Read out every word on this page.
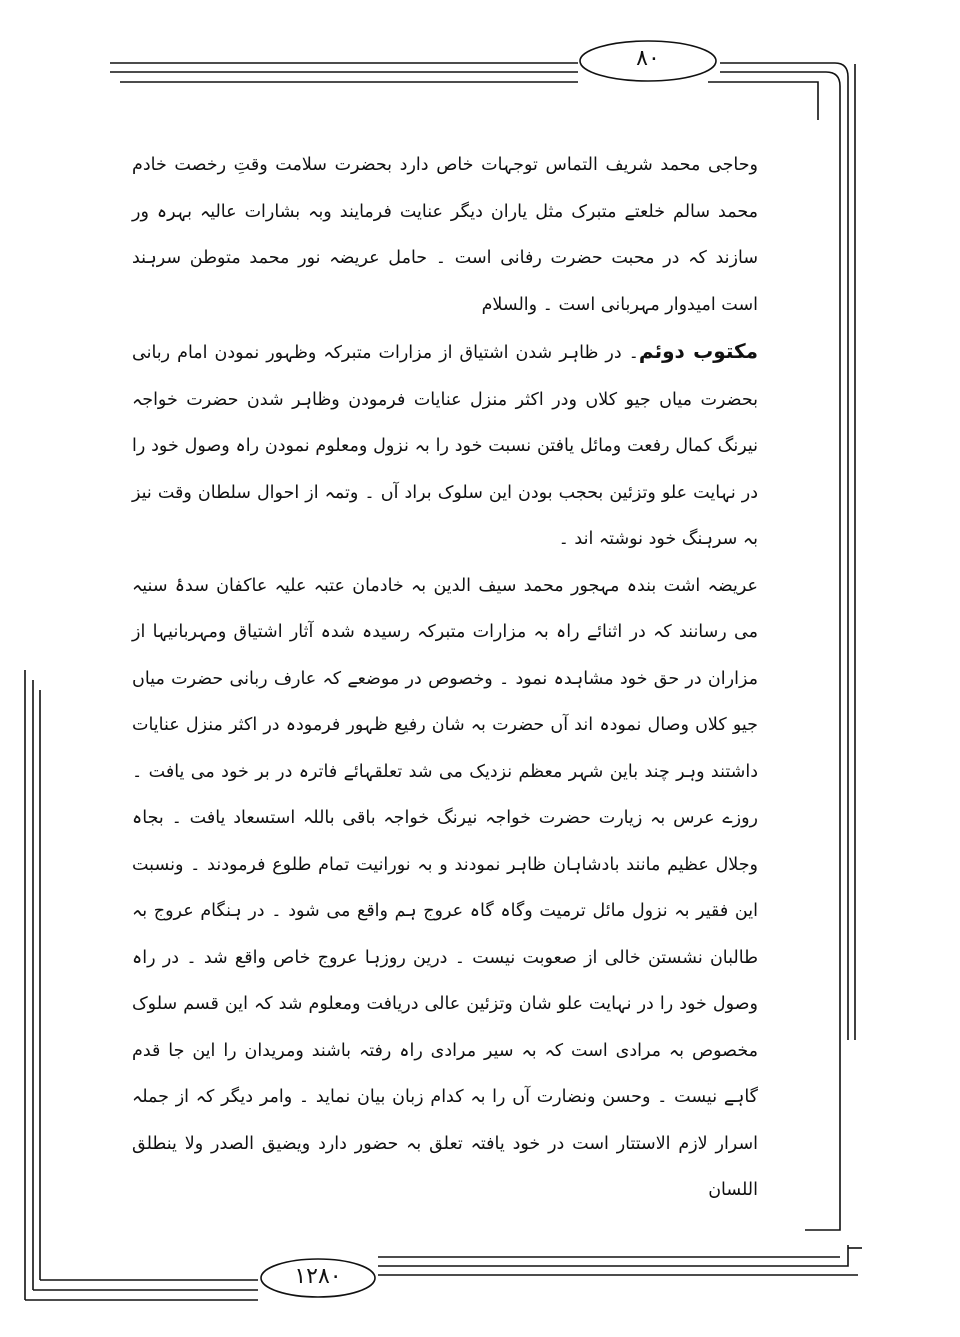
۸۰
۱۲۸۰

وحاجی محمد شریف التماس توجہات خاص دارد بحضرت سلامت وقتِ رخصت خادم محمد سالم خلعتے متبرک مثل یاران دیگر عنایت فرمایند وبہ بشارات عالیہ بہرہ ور سازند کہ در محبت حضرت رفانی است ۔ حامل عریضہ نور محمد متوطن سرہند است امیدوار مہربانی است ۔ والسلام

مکتوب دوئم۔ در ظاہر شدن اشتیاق از مزارات متبرکہ وظہور نمودن امام ربانی بحضرت میاں جیو کلاں ودر اکثر منزل عنایات فرمودن وظاہر شدن حضرت خواجہ نیرنگ کمال رفعت ومائل یافتن نسبت خود را بہ نزول ومعلوم نمودن راہ وصول خود را در نہایت علو وتزئین بحجب بودن این سلوک براد آں ۔ وتمہ از احوال سلطان وقت نیز بہ سرہنگ خود نوشتہ اند ۔

عریضہ اشت بندہ مہجور محمد سیف الدین بہ خادمان عتبہ علیہ عاکفان سدۂ سنیہ می رسانند کہ در اثنائے راہ بہ مزارات متبرکہ رسیدہ شدہ آثار اشتیاق ومہربانیہا از مزاران در حق خود مشاہدہ نمود ۔ وخصوص در موضعے کہ عارف ربانی حضرت میاں جیو کلاں وصال نمودہ اند آں حضرت بہ شان رفیع ظہور فرمودہ در اکثر منزل عنایات داشتند وہر چند باین شہر معظم نزدیک می شد تعلقہائے فاترہ در بر خود می یافت ۔ روزے عرس بہ زیارت حضرت خواجہ نیرنگ خواجہ باقی باللہ استسعاد یافت ۔ بجاہ وجلال عظیم مانند بادشاہان ظاہر نمودند و بہ نورانیت تمام طلوع فرمودند ۔ ونسبت این فقیر بہ نزول مائل ترمیت وگاہ گاہ عروج ہم واقع می شود ۔ در ہنگام عروج بہ طالبان نشستن خالی از صعوبت نیست ۔ درین روزہا عروج خاص واقع شد ۔ در راہ وصول خود را در نہایت علو شان وتزئین عالی دریافت ومعلوم شد کہ این قسم سلوک مخصوص بہ مرادی است کہ بہ سیر مرادی راہ رفتہ باشند ومریدان را این جا قدم گاہے نیست ۔ وحسن ونضارت آں را بہ کدام زبان بیان نماید ۔ وامر دیگر کہ از جملہ اسرار لازم الاستتار است در خود یافتہ تعلق بہ حضور دارد ویضیق الصدر ولا ینطلق اللسان
